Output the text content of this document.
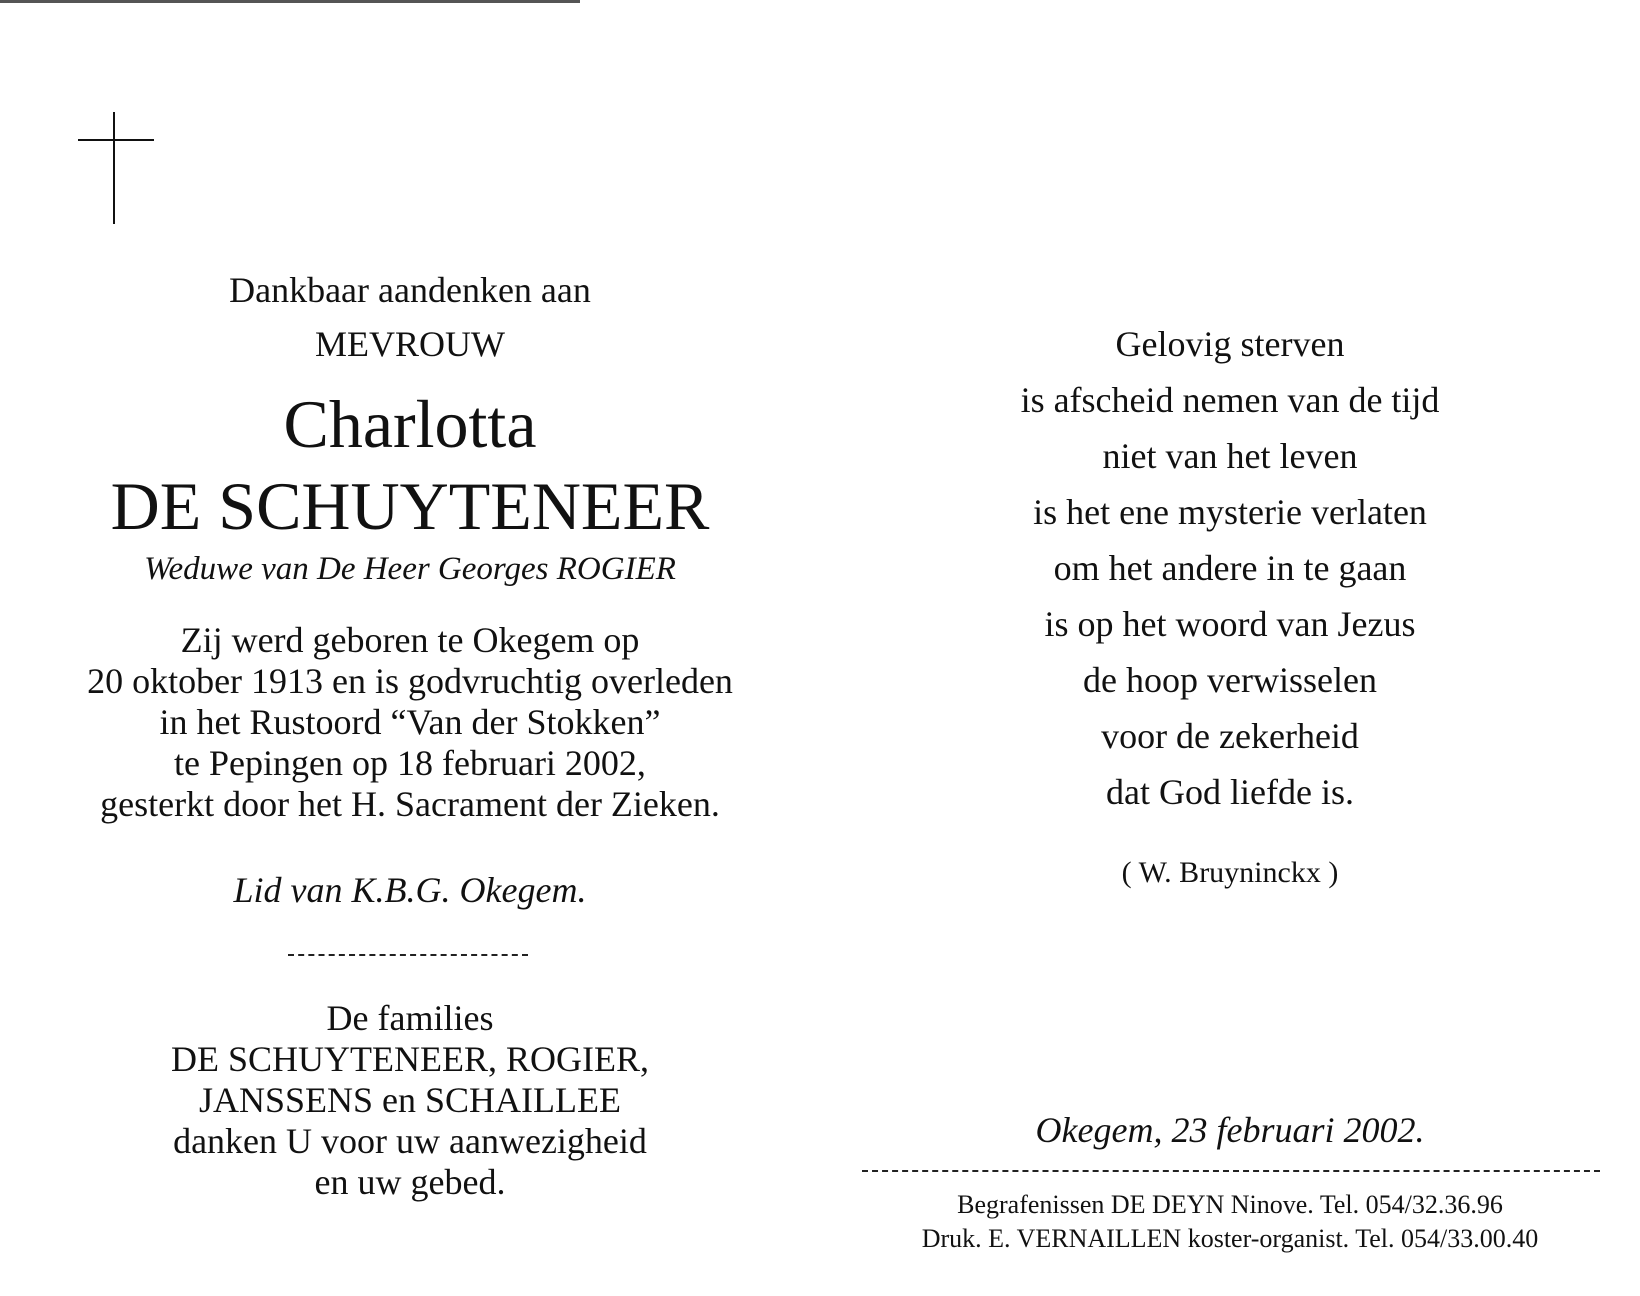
Dankbaar aandenken aan
MEVROUW
Charlotta
DE SCHUYTENEER
Weduwe van De Heer Georges ROGIER
Zij werd geboren te Okegem op
20 oktober 1913 en is godvruchtig overleden
in het Rustoord “Van der Stokken”
te Pepingen op 18 februari 2002,
gesterkt door het H. Sacrament der Zieken.
Lid van K.B.G. Okegem.
De families
DE SCHUYTENEER, ROGIER,
JANSSENS en SCHAILLEE
danken U voor uw aanwezigheid
en uw gebed.
Gelovig sterven
is afscheid nemen van de tijd
niet van het leven
is het ene mysterie verlaten
om het andere in te gaan
is op het woord van Jezus
de hoop verwisselen
voor de zekerheid
dat God liefde is.
( W. Bruyninckx )
Okegem, 23 februari 2002.
Begrafenissen DE DEYN Ninove. Tel. 054/32.36.96
Druk. E. VERNAILLEN koster-organist. Tel. 054/33.00.40
